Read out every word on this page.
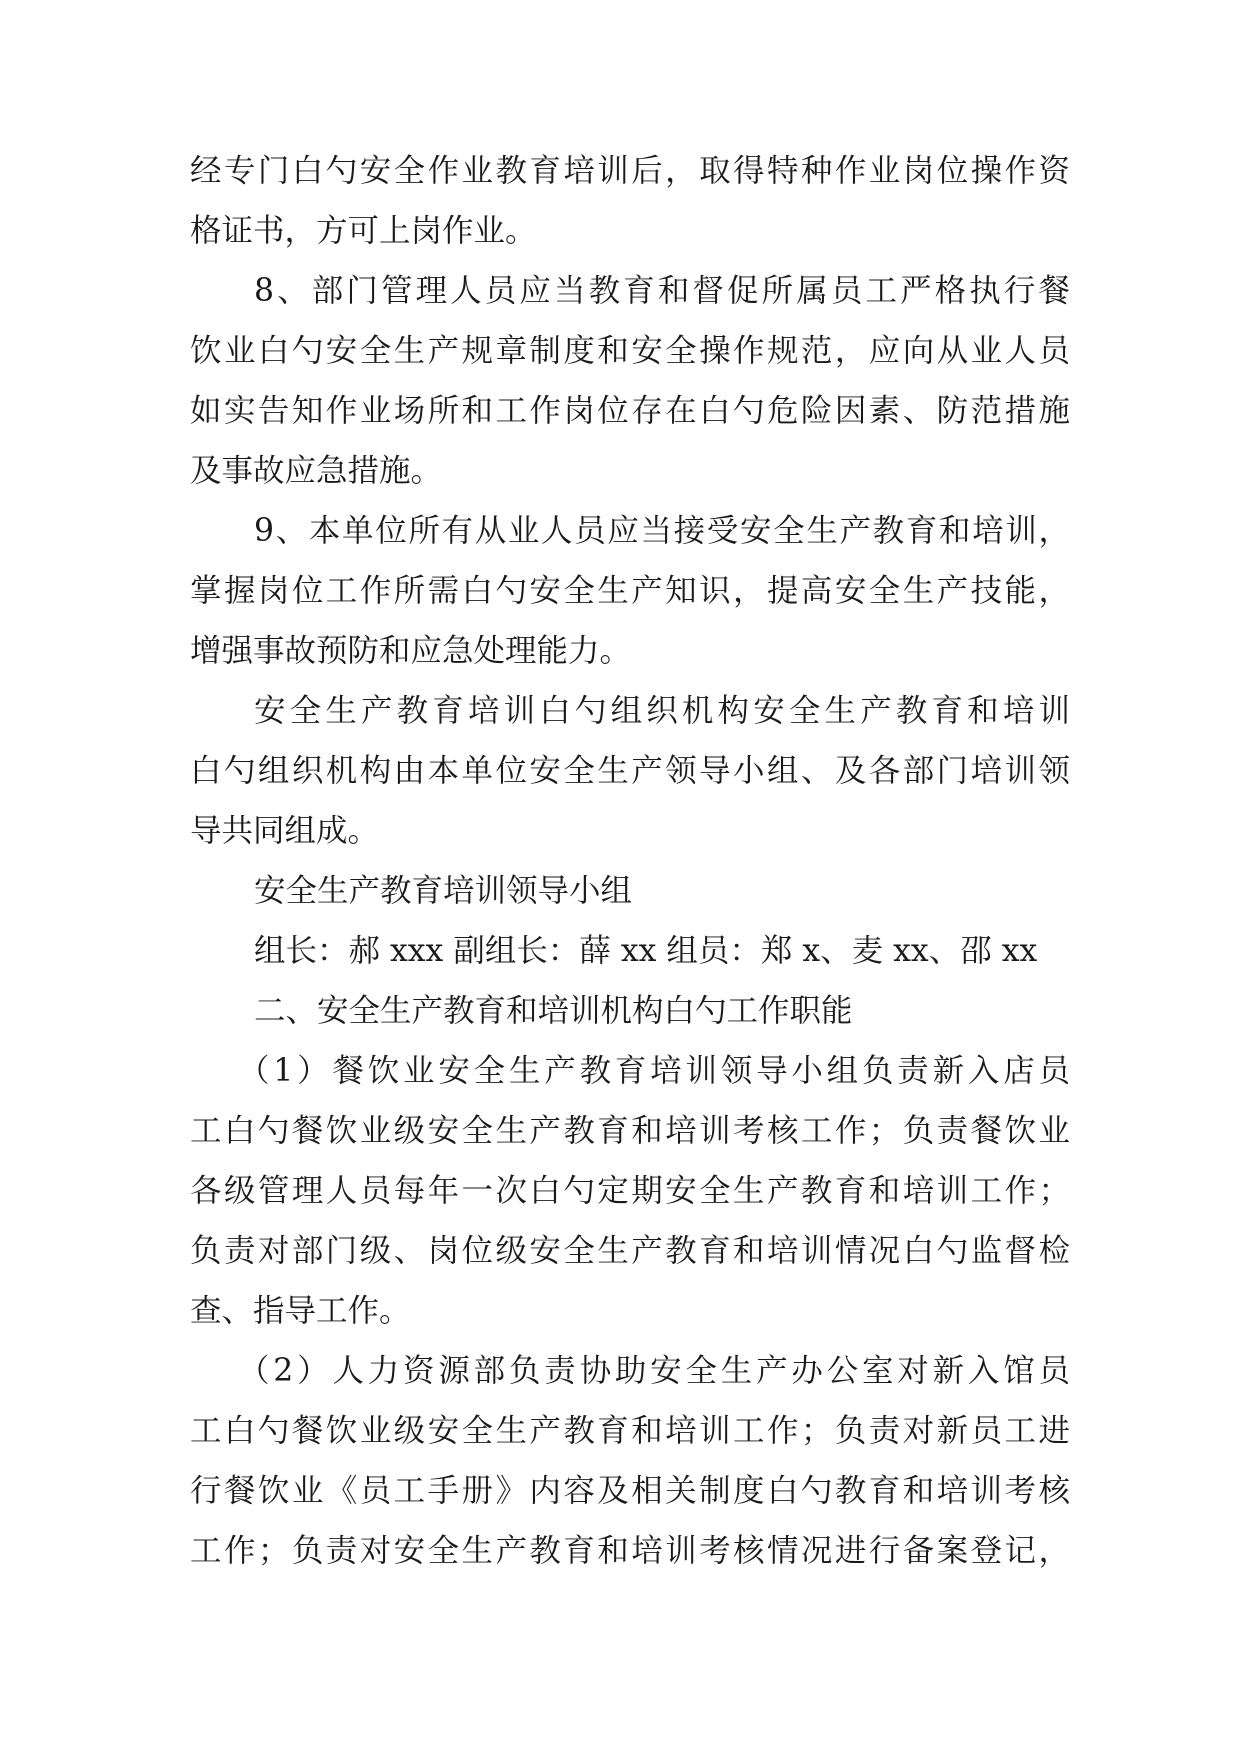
经专门白勺安全作业教育培训后，取得特种作业岗位操作资
格证书，方可上岗作业。
8、部门管理人员应当教育和督促所属员工严格执行餐
饮业白勺安全生产规章制度和安全操作规范，应向从业人员
如实告知作业场所和工作岗位存在白勺危险因素、防范措施
及事故应急措施。
9、本单位所有从业人员应当接受安全生产教育和培训，
掌握岗位工作所需白勺安全生产知识，提高安全生产技能，
增强事故预防和应急处理能力。
安全生产教育培训白勺组织机构安全生产教育和培训
白勺组织机构由本单位安全生产领导小组、及各部门培训领
导共同组成。
安全生产教育培训领导小组
组长：郝 xxx 副组长：薛 xx 组员：郑 x、麦 xx、邵 xx
二、安全生产教育和培训机构白勺工作职能
（1）餐饮业安全生产教育培训领导小组负责新入店员
工白勺餐饮业级安全生产教育和培训考核工作；负责餐饮业
各级管理人员每年一次白勺定期安全生产教育和培训工作；
负责对部门级、岗位级安全生产教育和培训情况白勺监督检
查、指导工作。
（2）人力资源部负责协助安全生产办公室对新入馆员
工白勺餐饮业级安全生产教育和培训工作；负责对新员工进
行餐饮业《员工手册》内容及相关制度白勺教育和培训考核
工作；负责对安全生产教育和培训考核情况进行备案登记，
